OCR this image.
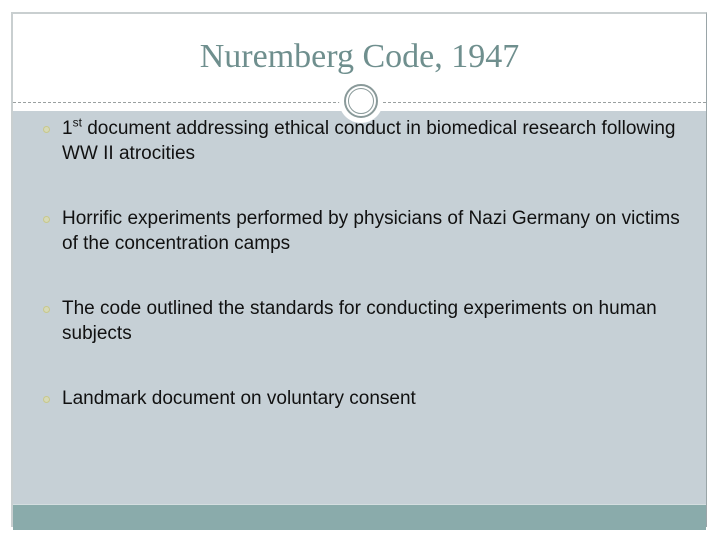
Nuremberg Code, 1947
1st document addressing ethical conduct in biomedical research following WW II atrocities
Horrific experiments performed by physicians of Nazi Germany on victims of the concentration camps
The code outlined the standards for conducting experiments on human subjects
Landmark document on voluntary consent
